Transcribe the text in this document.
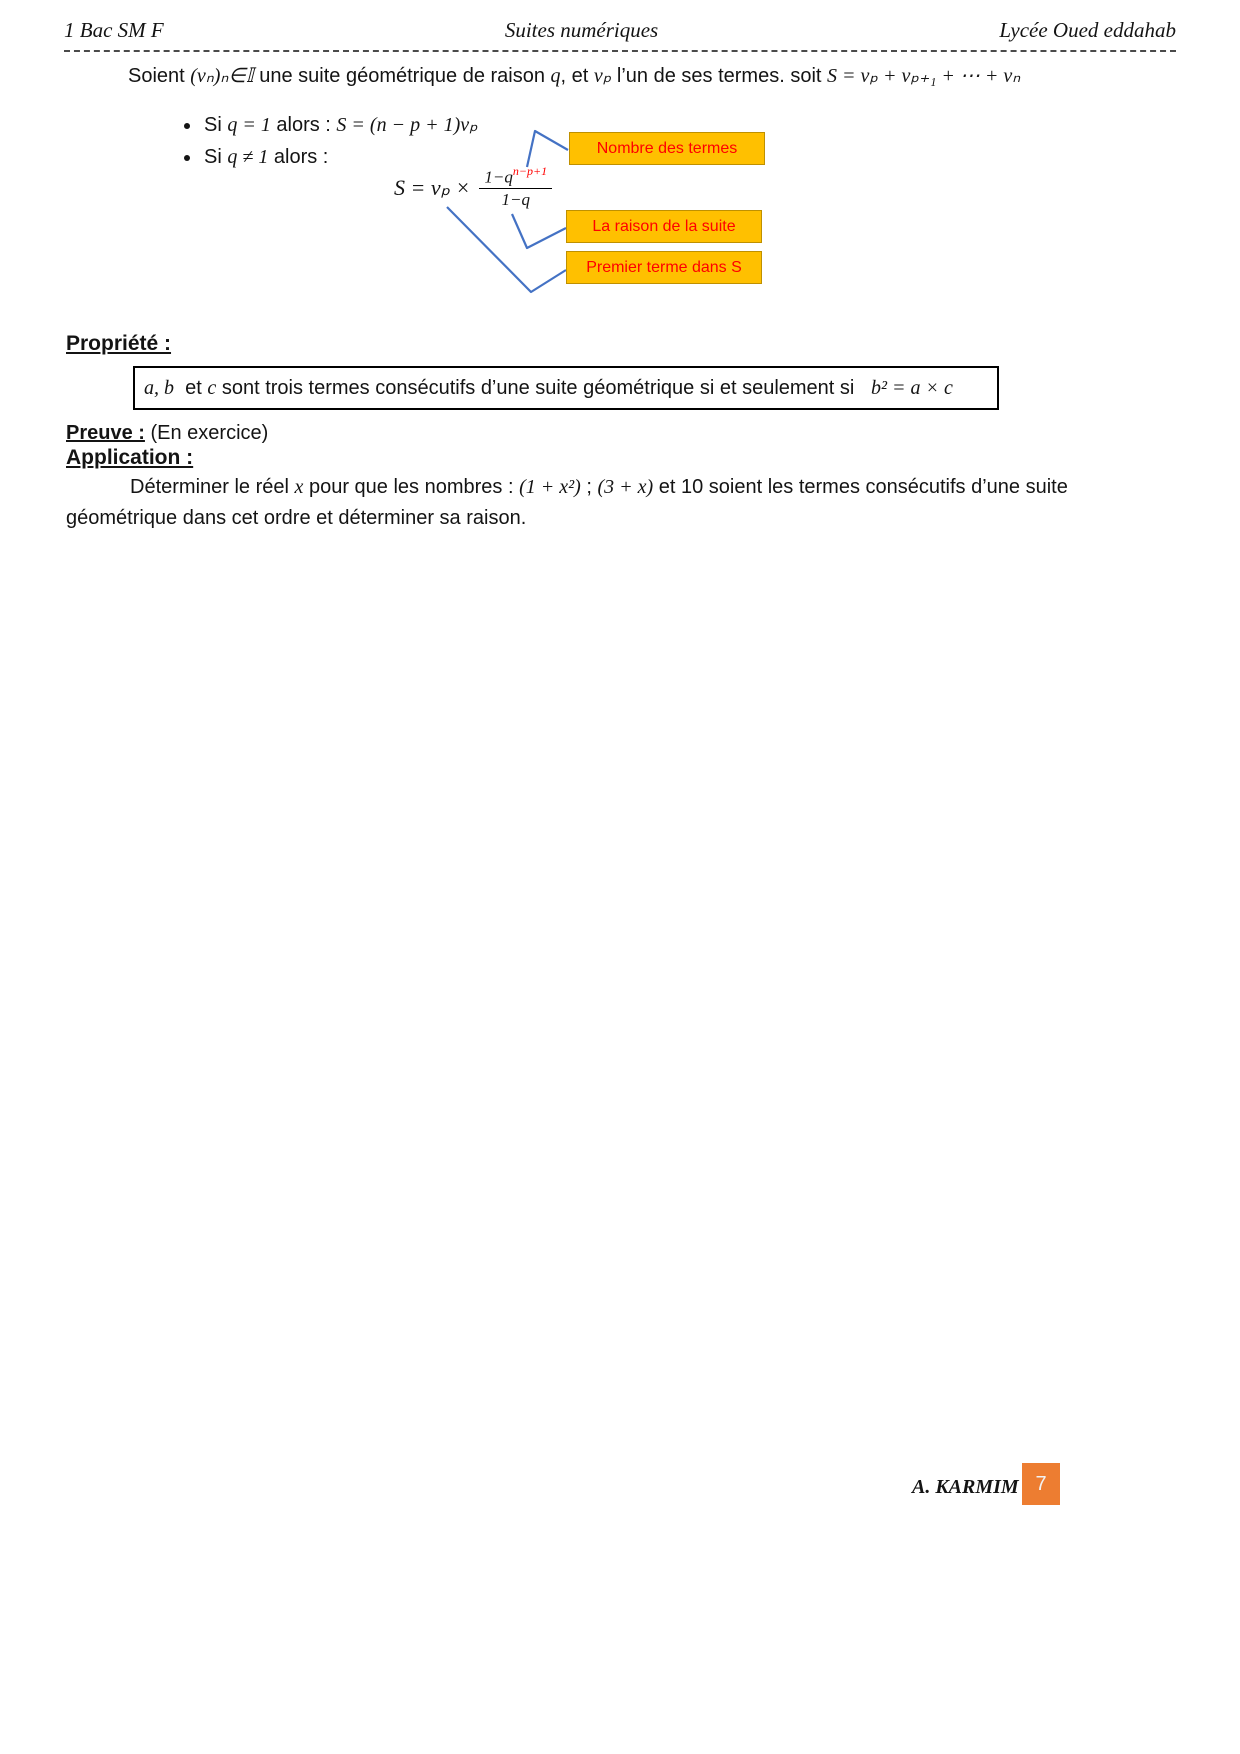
1 Bac SM F	Suites numériques	Lycée Oued eddahab

Soient (vₙ)ₙ∈𝕀 une suite géométrique de raison q, et vₚ l’un de ses termes. soit S = vₚ + vₚ₊₁ + ⋯ + vₙ

• Si q = 1 alors : S = (n − p + 1)vₚ
• Si q ≠ 1 alors :
$S = v_p \times \frac{1-q^{n-p+1}}{1-q}$
Nombre des termes
La raison de la suite
Premier terme dans S
Propriété :
a, b et c sont trois termes consécutifs d’une suite géométrique si et seulement si b² = a × c

Preuve : (En exercice)

Application :

Déterminer le réel x pour que les nombres : (1 + x²) ; (3 + x) et 10 soient les termes consécutifs d’une suite géométrique dans cet ordre et déterminer sa raison.

A. KARMIM 7
